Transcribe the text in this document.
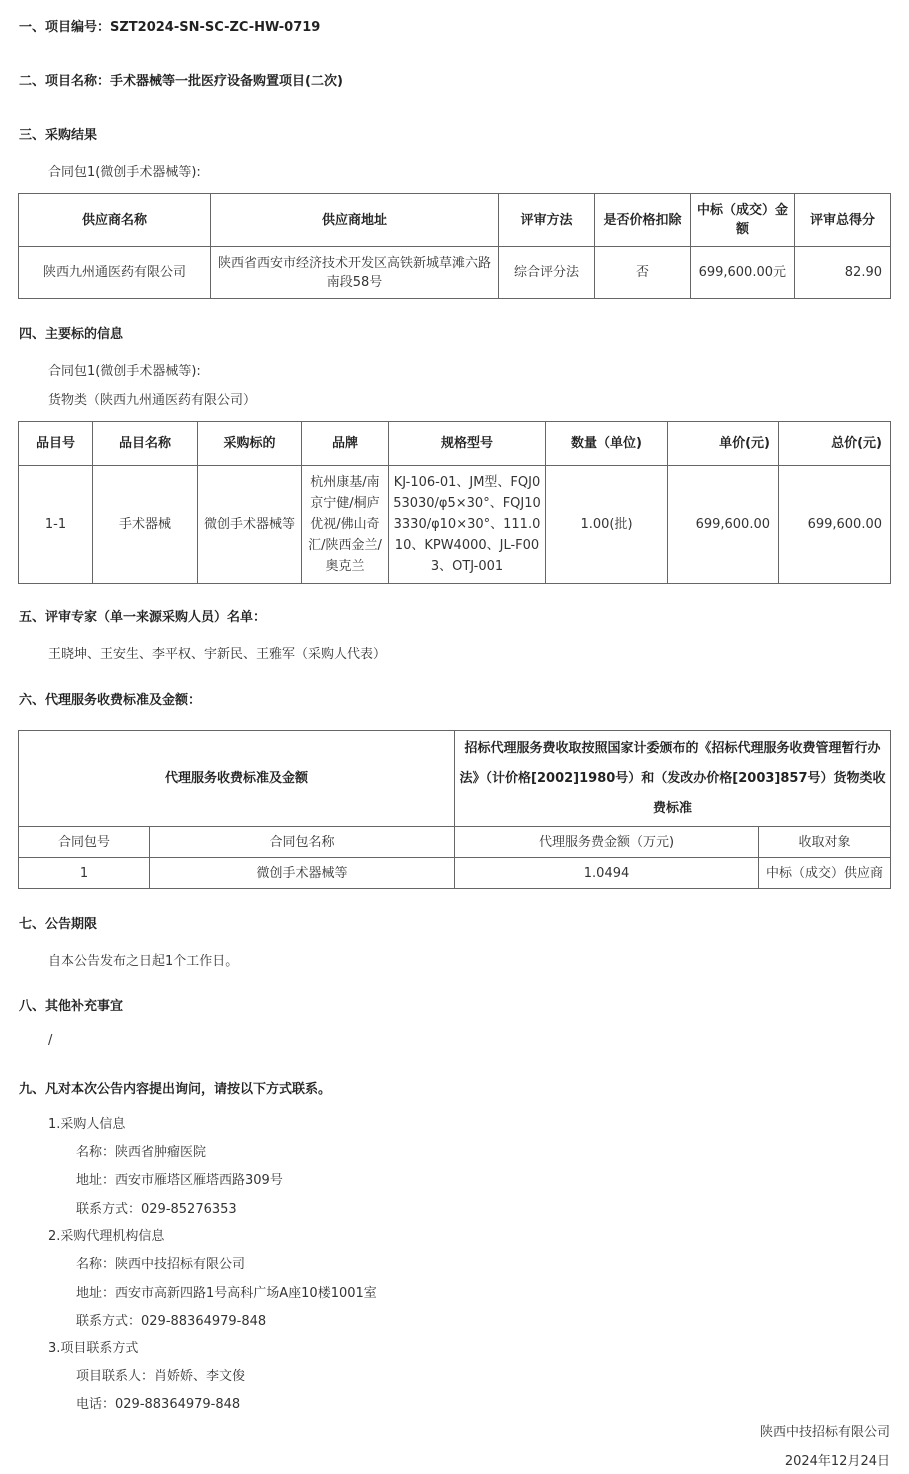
一、项目编号：SZT2024-SN-SC-ZC-HW-0719
二、项目名称：手术器械等一批医疗设备购置项目(二次)
三、采购结果
合同包1(微创手术器械等):
供应商名称	供应商地址	评审方法	是否价格扣除	中标（成交）金额	评审总得分
陕西九州通医药有限公司	陕西省西安市经济技术开发区高铁新城草滩六路南段58号	综合评分法	否	699,600.00元	82.90
四、主要标的信息
合同包1(微创手术器械等):
货物类（陕西九州通医药有限公司）
品目号	品目名称	采购标的	品牌	规格型号	数量（单位)	单价(元)	总价(元)
1-1	手术器械	微创手术器械等	杭州康基/南京宁健/桐庐优视/佛山奇汇/陕西金兰/奥克兰	KJ-106-01、JM型、FQJ053030/φ5×30°、FQJ103330/φ10×30°、111.010、KPW4000、JL-F003、OTJ-001	1.00(批)	699,600.00	699,600.00
五、评审专家（单一来源采购人员）名单：
王晓坤、王安生、李平权、宇新民、王雅军（采购人代表）
六、代理服务收费标准及金额：
代理服务收费标准及金额		招标代理服务费收取按照国家计委颁布的《招标代理服务收费管理暂行办法》（计价格[2002]1980号）和（发改办价格[2003]857号）货物类收费标准	
合同包号	合同包名称	代理服务费金额（万元)	收取对象
1	微创手术器械等	1.0494	中标（成交）供应商
七、公告期限
自本公告发布之日起1个工作日。
八、其他补充事宜
/
九、凡对本次公告内容提出询问，请按以下方式联系。
1.采购人信息
名称：陕西省肿瘤医院
地址：西安市雁塔区雁塔西路309号
联系方式：029-85276353
2.采购代理机构信息
名称：陕西中技招标有限公司
地址：西安市高新四路1号高科广场A座10楼1001室
联系方式：029-88364979-848
3.项目联系方式
项目联系人：肖娇娇、李文俊
电话：029-88364979-848
陕西中技招标有限公司
2024年12月24日
